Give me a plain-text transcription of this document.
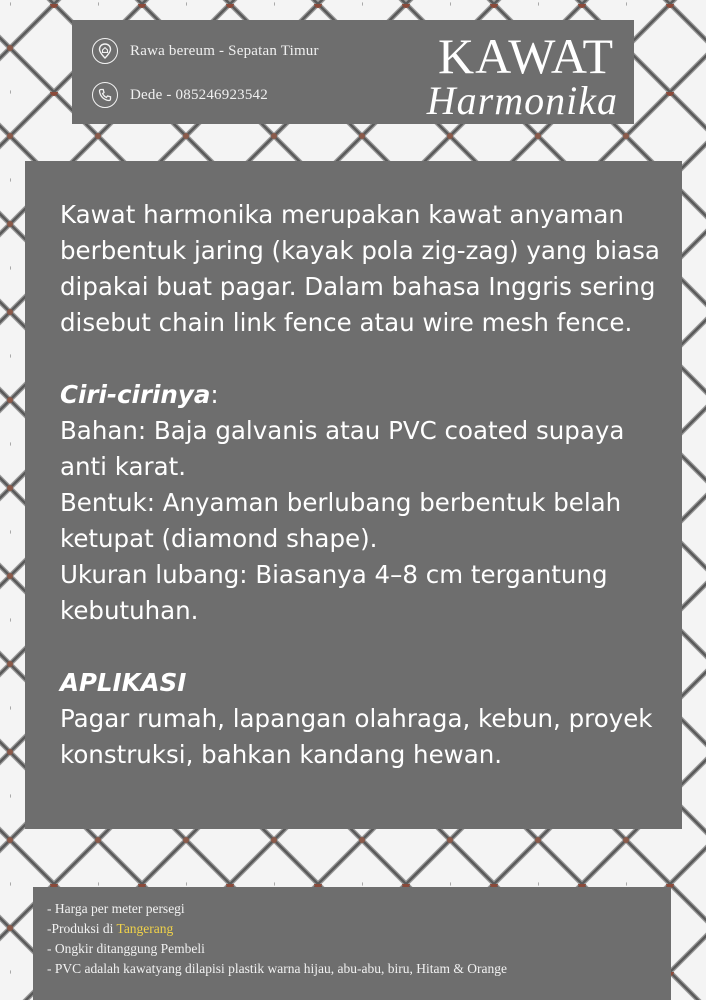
Rawa bereum - Sepatan Timur
Dede - 085246923542
KAWAT
Harmonika

Kawat harmonika merupakan kawat anyaman berbentuk jaring (kayak pola zig-zag) yang biasa dipakai buat pagar. Dalam bahasa Inggris sering disebut chain link fence atau wire mesh fence.

Ciri-cirinya:

Bahan: Baja galvanis atau PVC coated supaya anti karat.

Bentuk: Anyaman berlubang berbentuk belah ketupat (diamond shape).

Ukuran lubang: Biasanya 4–8 cm tergantung kebutuhan.

APLIKASI

Pagar rumah, lapangan olahraga, kebun, proyek konstruksi, bahkan kandang hewan.

- Harga per meter persegi
-Produksi di Tangerang
- Ongkir ditanggung Pembeli
- PVC adalah kawatyang dilapisi plastik warna hijau, abu-abu, biru, Hitam & Orange
